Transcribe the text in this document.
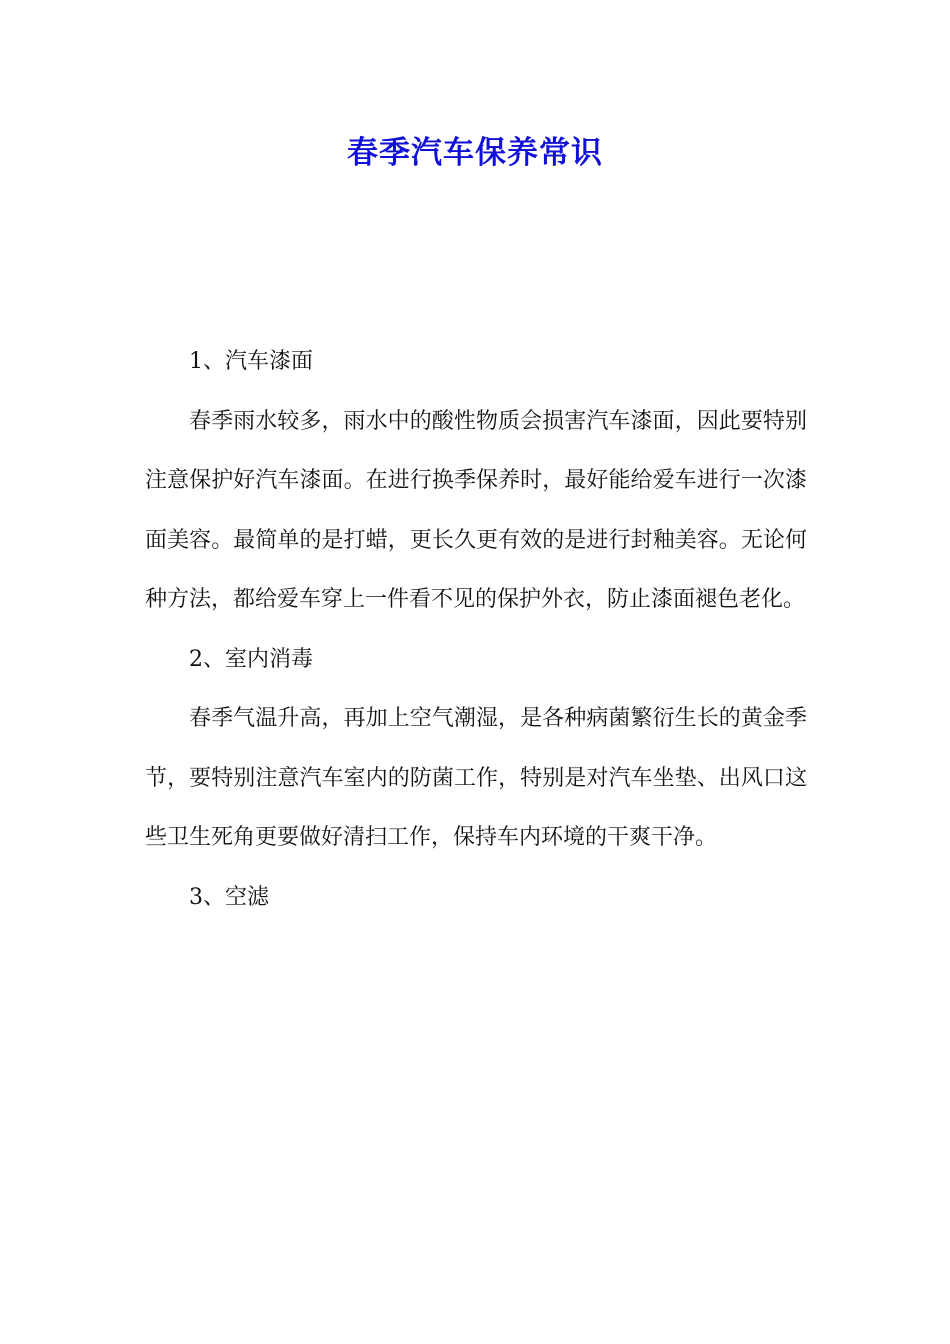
春季汽车保养常识

1、汽车漆面

春季雨水较多，雨水中的酸性物质会损害汽车漆面，因此要特别注意保护好汽车漆面。在进行换季保养时，最好能给爱车进行一次漆面美容。最简单的是打蜡，更长久更有效的是进行封釉美容。无论何种方法，都给爱车穿上一件看不见的保护外衣，防止漆面褪色老化。

2、室内消毒

春季气温升高，再加上空气潮湿，是各种病菌繁衍生长的黄金季节，要特别注意汽车室内的防菌工作，特别是对汽车坐垫、出风口这些卫生死角更要做好清扫工作，保持车内环境的干爽干净。

3、空滤
